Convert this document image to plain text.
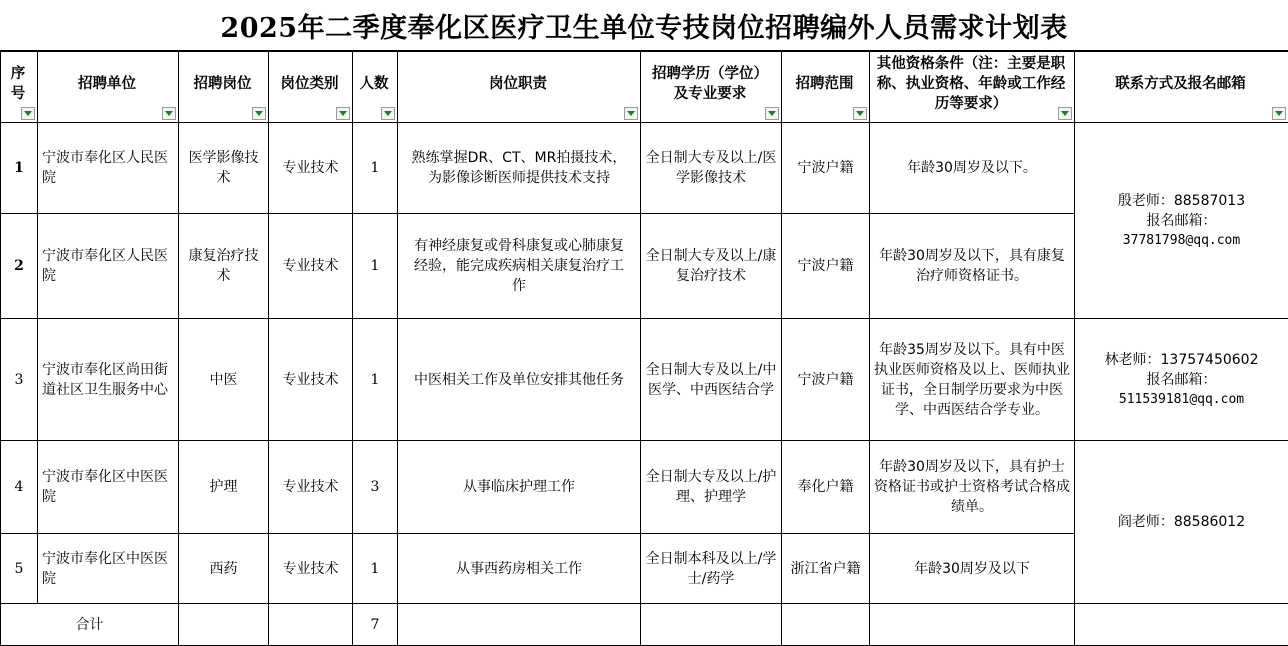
2025年二季度奉化区医疗卫生单位专技岗位招聘编外人员需求计划表
序号	招聘单位	招聘岗位	岗位类别	人数	岗位职责	招聘学历（学位）及专业要求	招聘范围	其他资格条件（注：主要是职称、执业资格、年龄或工作经历等要求）	联系方式及报名邮箱

1	宁波市奉化区人民医院	医学影像技术	专业技术	1	熟练掌握DR、CT、MR拍摄技术，为影像诊断医师提供技术支持	全日制大专及以上/医学影像技术	宁波户籍	年龄30周岁及以下。	殷老师：88587013
报名邮箱：
37781798@qq.com

2	宁波市奉化区人民医院	康复治疗技术	专业技术	1	有神经康复或骨科康复或心肺康复经验，能完成疾病相关康复治疗工作	全日制大专及以上/康复治疗技术	宁波户籍	年龄30周岁及以下，具有康复治疗师资格证书。	
3	宁波市奉化区尚田街道社区卫生服务中心	中医	专业技术	1	中医相关工作及单位安排其他任务	全日制大专及以上/中医学、中西医结合学	宁波户籍	年龄35周岁及以下。具有中医执业医师资格及以上、医师执业证书，全日制学历要求为中医学、中西医结合学专业。	林老师：13757450602
报名邮箱：
511539181@qq.com

4	宁波市奉化区中医医院	护理	专业技术	3	从事临床护理工作	全日制大专及以上/护理、护理学	奉化户籍	年龄30周岁及以下，具有护士资格证书或护士资格考试合格成绩单。	阎老师：88586012

5	宁波市奉化区中医医院	西药	专业技术	1	从事西药房相关工作	全日制本科及以上/学士/药学	浙江省户籍	年龄30周岁及以下	
合计				7					
